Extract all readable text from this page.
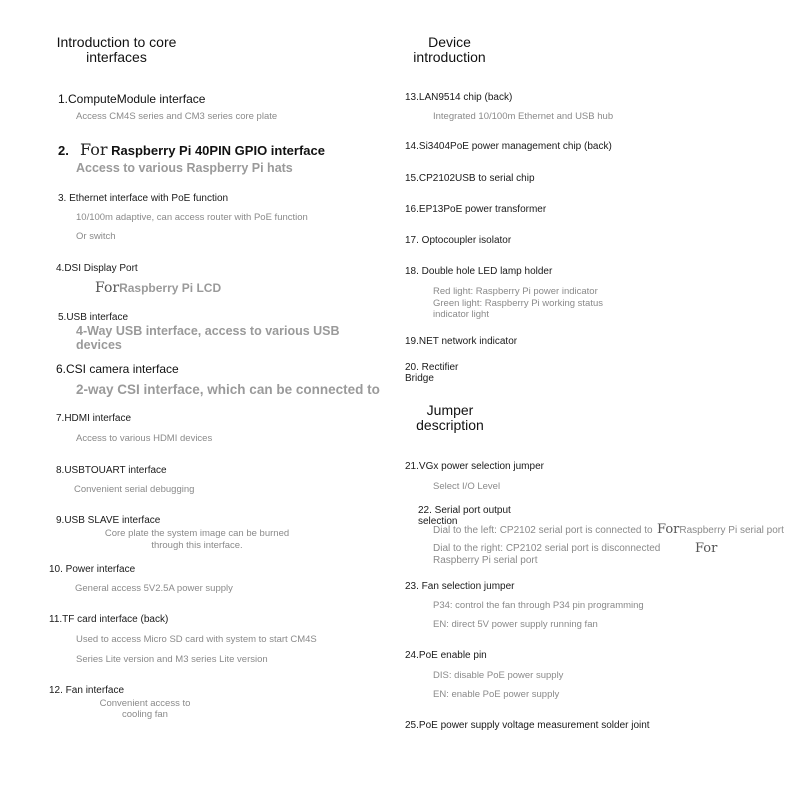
Introduction to core interfaces
1.ComputeModule interface
Access CM4S series and CM3 series core plate
2. For Raspberry Pi 40PIN GPIO interface
Access to various Raspberry Pi hats
3. Ethernet interface with PoE function
10/100m adaptive, can access router with PoE function
Or switch
4.DSI Display Port
ForRaspberry Pi LCD
5.USB interface
4-Way USB interface, access to various USB devices
6.CSI camera interface
2-way CSI interface, which can be connected to
7.HDMI interface
Access to various HDMI devices
8.USBTOUART interface
Convenient serial debugging
9.USB SLAVE interface
Core plate the system image can be burned through this interface.
10. Power interface
General access 5V2.5A power supply
11.TF card interface (back)
Used to access Micro SD card with system to start CM4S
Series Lite version and M3 series Lite version
12. Fan interface
Convenient access to cooling fan
Device introduction
13.LAN9514 chip (back)
Integrated 10/100m Ethernet and USB hub
14.Si3404PoE power management chip (back)
15.CP2102USB to serial chip
16.EP13PoE power transformer
17. Optocoupler isolator
18. Double hole LED lamp holder
Red light: Raspberry Pi power indicator
Green light: Raspberry Pi working status indicator light
19.NET network indicator
20. Rectifier Bridge
Jumper description
21.VGx power selection jumper
Select I/O Level
22. Serial port output selection
Dial to the left: CP2102 serial port is connected to ForRaspberry Pi serial port
Dial to the right: CP2102 serial port is disconnected	For
Raspberry Pi serial port
23. Fan selection jumper
P34: control the fan through P34 pin programming
EN: direct 5V power supply running fan
24.PoE enable pin
DIS: disable PoE power supply
EN: enable PoE power supply
25.PoE power supply voltage measurement solder joint
